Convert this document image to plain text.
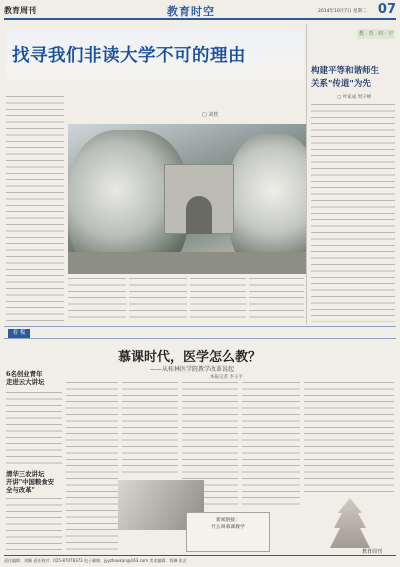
教育周刊	教育时空	2014年10月7日 星期二 07
找寻我们非读大学不可的理由
□ 刘枕
教 · 育 · 时 · 空
构建平等和谐师生
关系"传道"为先
□ 叶家成 周守峰
看 板
6名创业青年
走进云大讲坛
清华三农讲坛
开讲"中国粮食安
全与改革"
慕课时代，医学怎么教？
——从桂林医学院教学改革说起
本报记者 李玉平
新闻链接：
什么叫慕课教学
教育周刊
责任编辑：刘颖 责任校对：025-87078373 电子邮箱：jyyzhoukan@163.com 美术编辑：钱琳 张艺
